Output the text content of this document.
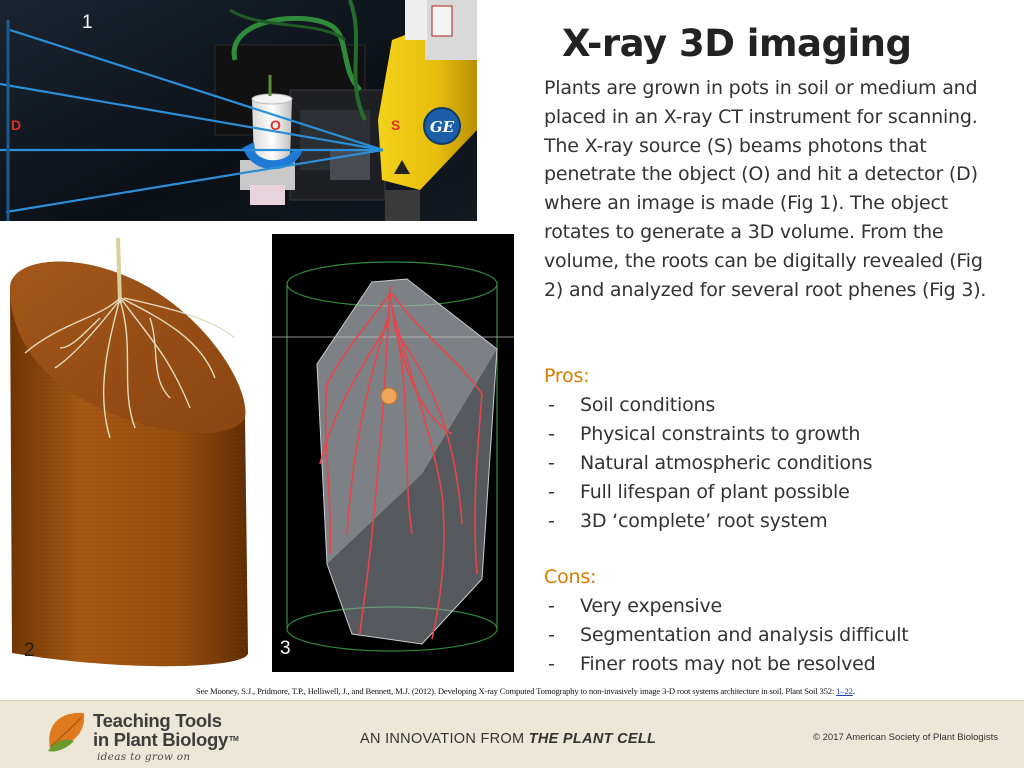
GE
1
D	O	S
2	3
X-ray 3D imaging

Plants are grown in pots in soil or medium and placed in an X-ray CT instrument for scanning. The X-ray source (S) beams photons that penetrate the object (O) and hit a detector (D) where an image is made (Fig 1). The object rotates to generate a 3D volume. From the volume, the roots can be digitally revealed (Fig 2) and analyzed for several root phenes (Fig 3).

Pros:
- Soil conditions
- Physical constraints to growth
- Natural atmospheric conditions
- Full lifespan of plant possible
- 3D ‘complete’ root system
Cons:
- Very expensive
- Segmentation and analysis difficult
- Finer roots may not be resolved
See Mooney, S.J., Pridmore, T.P., Helliwell, J., and Bennett, M.J. (2012). Developing X-ray Computed Tomography to non-invasively image 3-D root systems architecture in soil. Plant Soil 352: 1–22.
Teaching Tools
in Plant Biology™
ideas to grow on
AN INNOVATION FROM THE PLANT CELL	© 2017 American Society of Plant Biologists
